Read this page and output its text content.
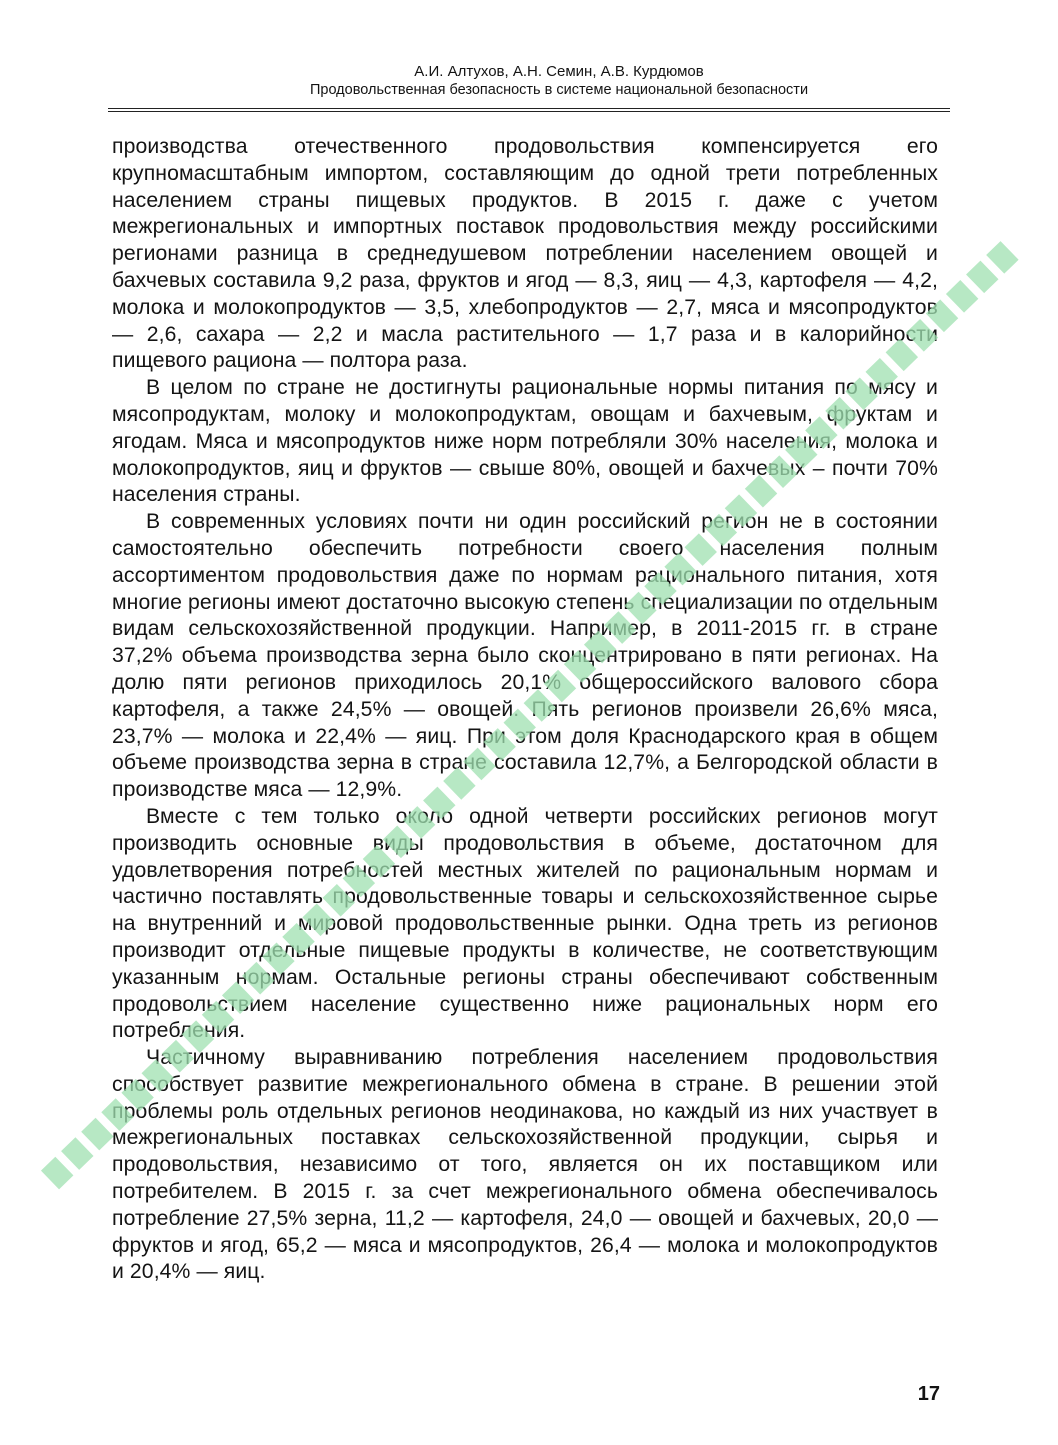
А.И. Алтухов, А.Н. Семин, А.В. Курдюмов
Продовольственная безопасность в системе национальной безопасности

производства отечественного продовольствия компенсируется его крупномасштабным импортом, составляющим до одной трети потребленных населением страны пищевых продуктов. В 2015 г. даже с учетом межрегиональных и импортных поставок продовольствия между российскими регионами разница в среднедушевом потреблении населением овощей и бахчевых составила 9,2 раза, фруктов и ягод — 8,3, яиц — 4,3, картофеля — 4,2, молока и молокопродуктов — 3,5, хлебопродуктов — 2,7, мяса и мясопродуктов — 2,6, сахара — 2,2 и масла растительного — 1,7 раза и в калорийности пищевого рациона — полтора раза.

В целом по стране не достигнуты рациональные нормы питания по мясу и мясопродуктам, молоку и молокопродуктам, овощам и бахчевым, фруктам и ягодам. Мяса и мясопродуктов ниже норм потребляли 30% населения, молока и молокопродуктов, яиц и фруктов — свыше 80%, овощей и бахчевых – почти 70% населения страны.

В современных условиях почти ни один российский регион не в состоянии самостоятельно обеспечить потребности своего населения полным ассортиментом продовольствия даже по нормам рационального питания, хотя многие регионы имеют достаточно высокую степень специализации по отдельным видам сельскохозяйственной продукции. Например, в 2011-2015 гг. в стране 37,2% объема производства зерна было сконцентрировано в пяти регионах. На долю пяти регионов приходилось 20,1% общероссийского валового сбора картофеля, а также 24,5% — овощей. Пять регионов произвели 26,6% мяса, 23,7% — молока и 22,4% — яиц. При этом доля Краснодарского края в общем объеме производства зерна в стране составила 12,7%, а Белгородской области в производстве мяса — 12,9%.

Вместе с тем только около одной четверти российских регионов могут производить основные виды продовольствия в объеме, достаточном для удовлетворения потребностей местных жителей по рациональным нормам и частично поставлять продовольственные товары и сельскохозяйственное сырье на внутренний и мировой продовольственные рынки. Одна треть из регионов производит отдельные пищевые продукты в количестве, не соответствующим указанным нормам. Остальные регионы страны обеспечивают собственным продовольствием население существенно ниже рациональных норм его потребления.

Частичному выравниванию потребления населением продовольствия способствует развитие межрегионального обмена в стране. В решении этой проблемы роль отдельных регионов неодинакова, но каждый из них участвует в межрегиональных поставках сельскохозяйственной продукции, сырья и продовольствия, независимо от того, является он их поставщиком или потребителем. В 2015 г. за счет межрегионального обмена обеспечивалось потребление 27,5% зерна, 11,2 — картофеля, 24,0 — овощей и бахчевых, 20,0 — фруктов и ягод, 65,2 — мяса и мясопродуктов, 26,4 — молока и молокопродуктов и 20,4% — яиц.

17
